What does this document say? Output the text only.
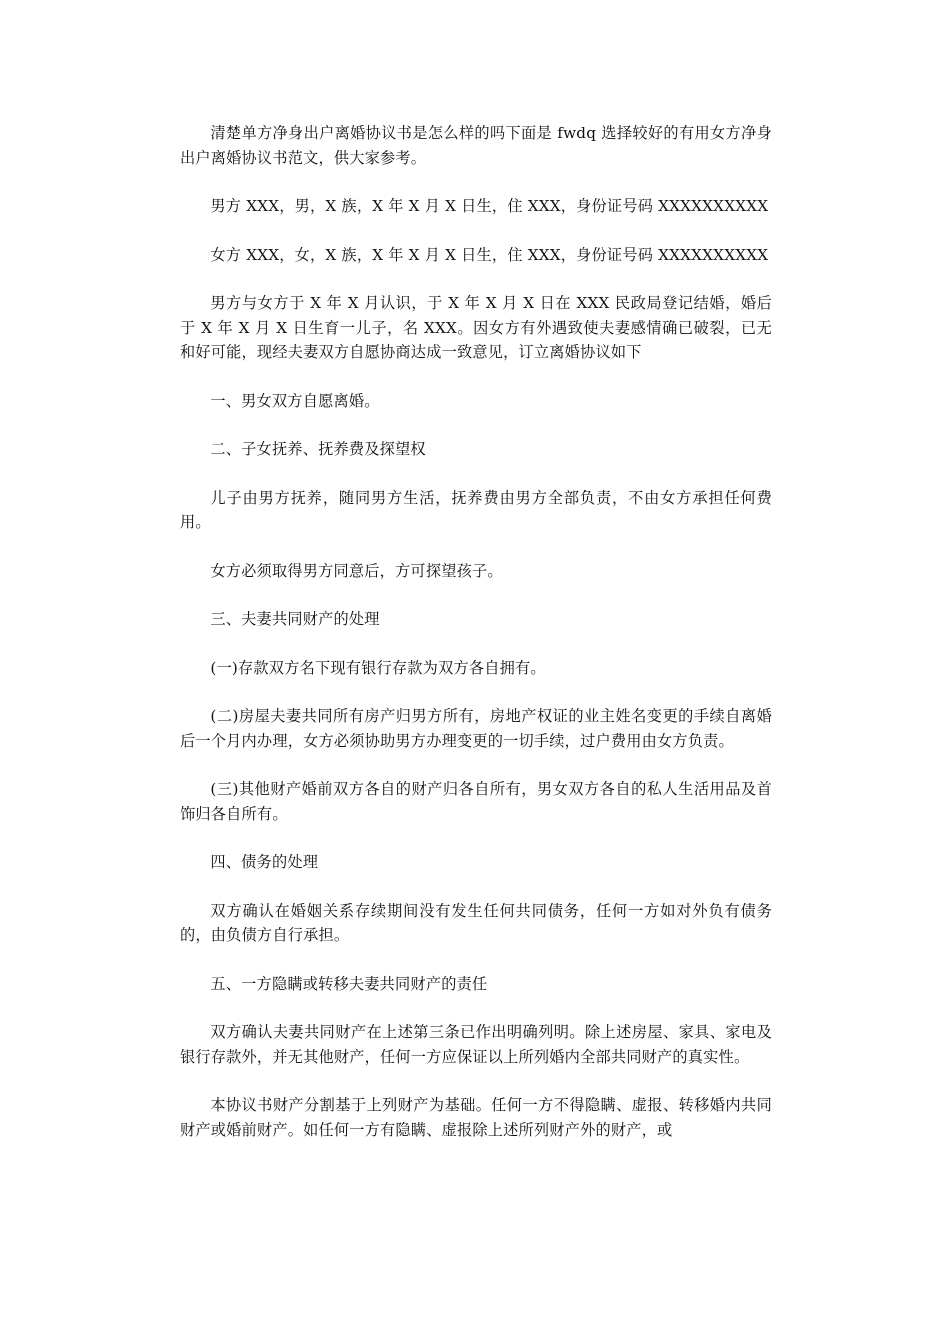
清楚单方净身出户离婚协议书是怎么样的吗下面是 fwdq 选择较好的有用女方净身出户离婚协议书范文，供大家参考。

男方 XXX，男，X 族，X 年 X 月 X 日生，住 XXX，身份证号码 XXXXXXXXXX

女方 XXX，女，X 族，X 年 X 月 X 日生，住 XXX，身份证号码 XXXXXXXXXX

男方与女方于 X 年 X 月认识，于 X 年 X 月 X 日在 XXX 民政局登记结婚，婚后于 X 年 X 月 X 日生育一儿子，名 XXX。因女方有外遇致使夫妻感情确已破裂，已无和好可能，现经夫妻双方自愿协商达成一致意见，订立离婚协议如下

一、男女双方自愿离婚。

二、子女抚养、抚养费及探望权

儿子由男方抚养，随同男方生活，抚养费由男方全部负责，不由女方承担任何费用。

女方必须取得男方同意后，方可探望孩子。

三、夫妻共同财产的处理

(一)存款双方名下现有银行存款为双方各自拥有。

(二)房屋夫妻共同所有房产归男方所有，房地产权证的业主姓名变更的手续自离婚后一个月内办理，女方必须协助男方办理变更的一切手续，过户费用由女方负责。

(三)其他财产婚前双方各自的财产归各自所有，男女双方各自的私人生活用品及首饰归各自所有。

四、债务的处理

双方确认在婚姻关系存续期间没有发生任何共同债务，任何一方如对外负有债务的，由负债方自行承担。

五、一方隐瞒或转移夫妻共同财产的责任

双方确认夫妻共同财产在上述第三条已作出明确列明。除上述房屋、家具、家电及银行存款外，并无其他财产，任何一方应保证以上所列婚内全部共同财产的真实性。

本协议书财产分割基于上列财产为基础。任何一方不得隐瞒、虚报、转移婚内共同财产或婚前财产。如任何一方有隐瞒、虚报除上述所列财产外的财产，或
